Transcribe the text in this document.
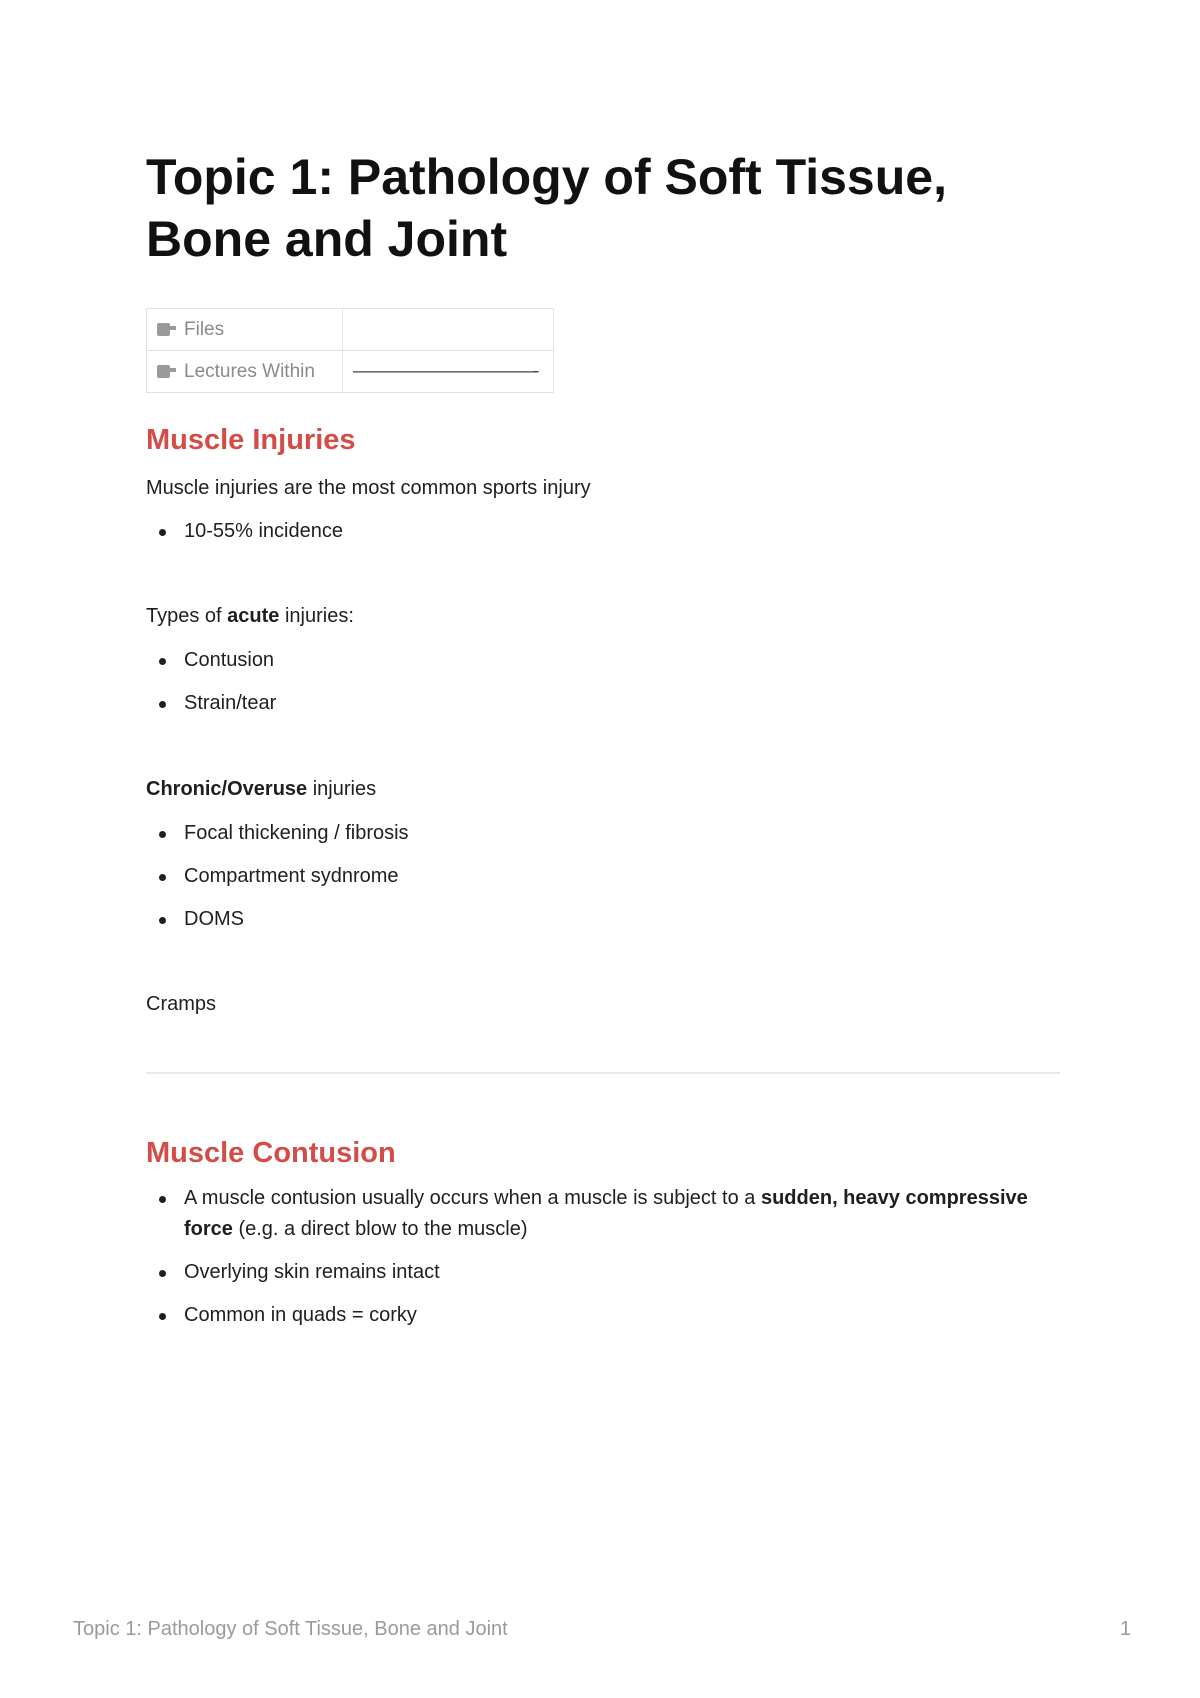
Topic 1: Pathology of Soft Tissue,
Bone and Joint
Files	
Lectures Within	——————————-
Muscle Injuries

Muscle injuries are the most common sports injury

10-55% incidence

Types of acute injuries:

Contusion
Strain/tear

Chronic/Overuse injuries

Focal thickening / fibrosis
Compartment sydnrome
DOMS

Cramps

Muscle Contusion
A muscle contusion usually occurs when a muscle is subject to a sudden, heavy compressive force (e.g. a direct blow to the muscle)
Overlying skin remains intact
Common in quads = corky
Topic 1: Pathology of Soft Tissue, Bone and Joint	1
